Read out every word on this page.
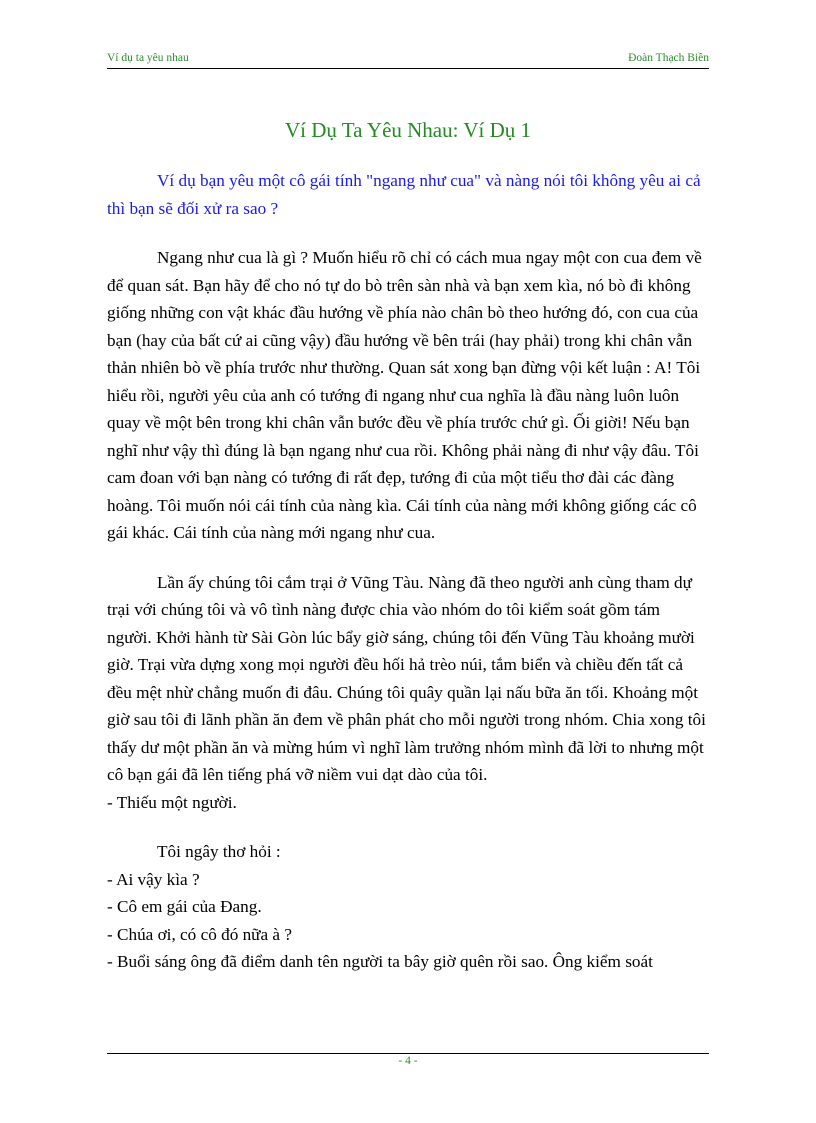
Ví dụ ta yêu nhau	Đoàn Thạch Biền
Ví Dụ Ta Yêu Nhau: Ví Dụ 1

Ví dụ bạn yêu một cô gái tính "ngang như cua" và nàng nói tôi không yêu ai cả thì bạn sẽ đối xử ra sao ?

Ngang như cua là gì ? Muốn hiểu rõ chỉ có cách mua ngay một con cua đem về để quan sát. Bạn hãy để cho nó tự do bò trên sàn nhà và bạn xem kìa, nó bò đi không giống những con vật khác đầu hướng về phía nào chân bò theo hướng đó, con cua của bạn (hay của bất cứ ai cũng vậy) đầu hướng về bên trái (hay phải) trong khi chân vẫn thản nhiên bò về phía trước như thường. Quan sát xong bạn đừng vội kết luận : A! Tôi hiểu rồi, người yêu của anh có tướng đi ngang như cua nghĩa là đầu nàng luôn luôn quay về một bên trong khi chân vẫn bước đều về phía trước chứ gì. Ối giời! Nếu bạn nghĩ như vậy thì đúng là bạn ngang như cua rồi. Không phải nàng đi như vậy đâu. Tôi cam đoan với bạn nàng có tướng đi rất đẹp, tướng đi của một tiểu thơ đài các đàng hoàng. Tôi muốn nói cái tính của nàng kìa. Cái tính của nàng mới không giống các cô gái khác. Cái tính của nàng mới ngang như cua.

Lần ấy chúng tôi cắm trại ở Vũng Tàu. Nàng đã theo người anh cùng tham dự trại với chúng tôi và vô tình nàng được chia vào nhóm do tôi kiểm soát gồm tám người. Khởi hành từ Sài Gòn lúc bẩy giờ sáng, chúng tôi đến Vũng Tàu khoảng mười giờ. Trại vừa dựng xong mọi người đều hối hả trèo núi, tắm biển và chiều đến tất cả đều mệt nhừ chẳng muốn đi đâu. Chúng tôi quây quần lại nấu bữa ăn tối. Khoảng một giờ sau tôi đi lãnh phần ăn đem về phân phát cho mỗi người trong nhóm. Chia xong tôi thấy dư một phần ăn và mừng húm vì nghĩ làm trưởng nhóm mình đã lời to nhưng một cô bạn gái đã lên tiếng phá vỡ niềm vui dạt dào của tôi.

- Thiếu một người.

Tôi ngây thơ hỏi :

- Ai vậy kìa ?

- Cô em gái của Đang.

- Chúa ơi, có cô đó nữa à ?

- Buổi sáng ông đã điểm danh tên người ta bây giờ quên rồi sao. Ông kiểm soát

- 4 -
